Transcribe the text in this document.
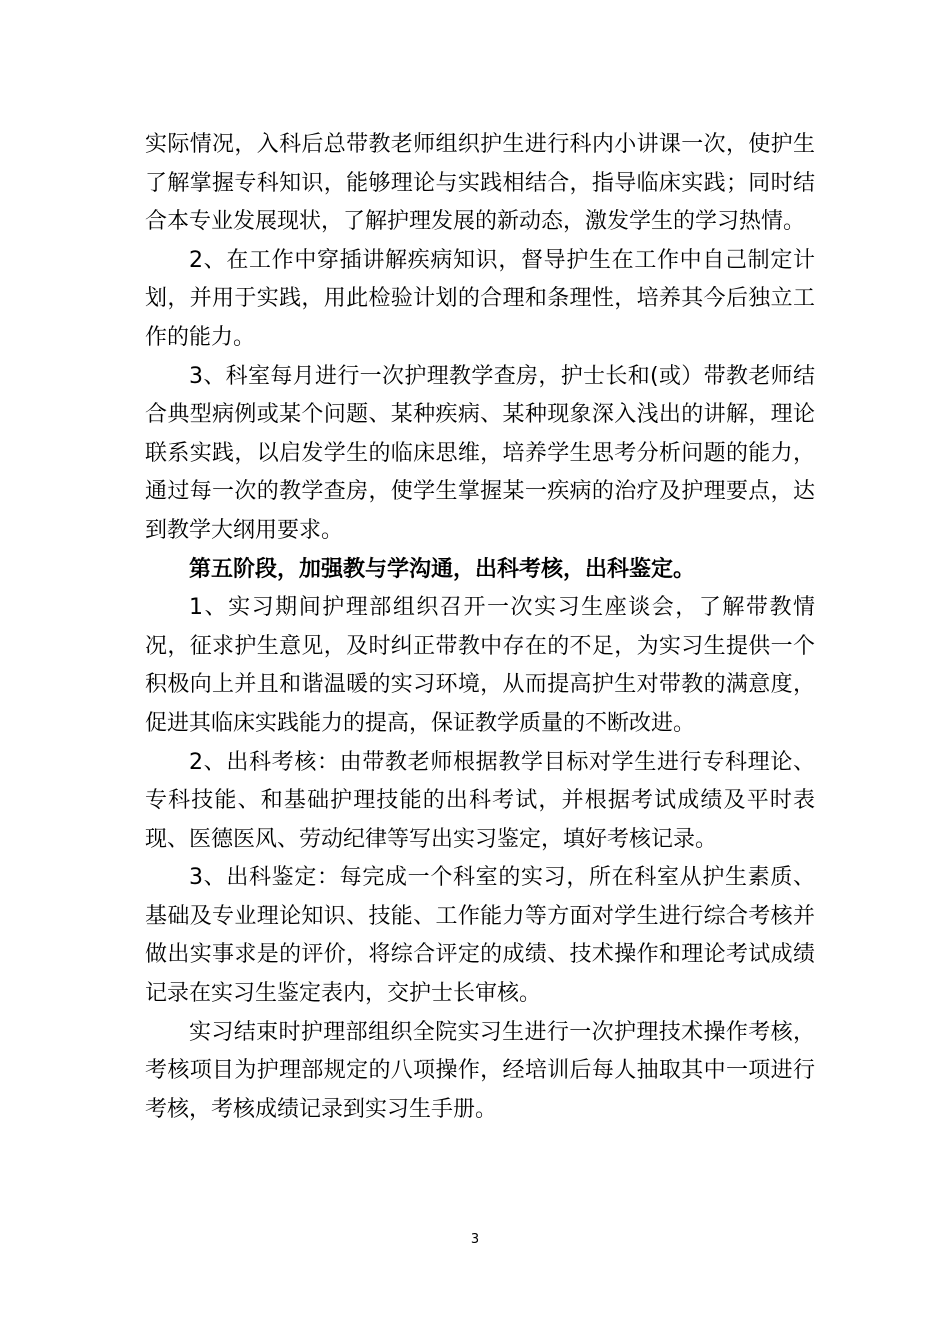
实际情况，入科后总带教老师组织护生进行科内小讲课一次，使护生了解掌握专科知识，能够理论与实践相结合，指导临床实践；同时结合本专业发展现状，了解护理发展的新动态，激发学生的学习热情。

2、在工作中穿插讲解疾病知识，督导护生在工作中自己制定计划，并用于实践，用此检验计划的合理和条理性，培养其今后独立工作的能力。

3、科室每月进行一次护理教学查房，护士长和(或）带教老师结合典型病例或某个问题、某种疾病、某种现象深入浅出的讲解，理论联系实践，以启发学生的临床思维，培养学生思考分析问题的能力，通过每一次的教学查房，使学生掌握某一疾病的治疗及护理要点，达到教学大纲用要求。

第五阶段，加强教与学沟通，出科考核，出科鉴定。

1、实习期间护理部组织召开一次实习生座谈会，了解带教情况，征求护生意见，及时纠正带教中存在的不足，为实习生提供一个积极向上并且和谐温暖的实习环境，从而提高护生对带教的满意度，促进其临床实践能力的提高，保证教学质量的不断改进。

2、出科考核：由带教老师根据教学目标对学生进行专科理论、专科技能、和基础护理技能的出科考试，并根据考试成绩及平时表现、医德医风、劳动纪律等写出实习鉴定，填好考核记录。

3、出科鉴定：每完成一个科室的实习，所在科室从护生素质、基础及专业理论知识、技能、工作能力等方面对学生进行综合考核并做出实事求是的评价，将综合评定的成绩、技术操作和理论考试成绩记录在实习生鉴定表内，交护士长审核。

实习结束时护理部组织全院实习生进行一次护理技术操作考核，考核项目为护理部规定的八项操作，经培训后每人抽取其中一项进行考核，考核成绩记录到实习生手册。

3
